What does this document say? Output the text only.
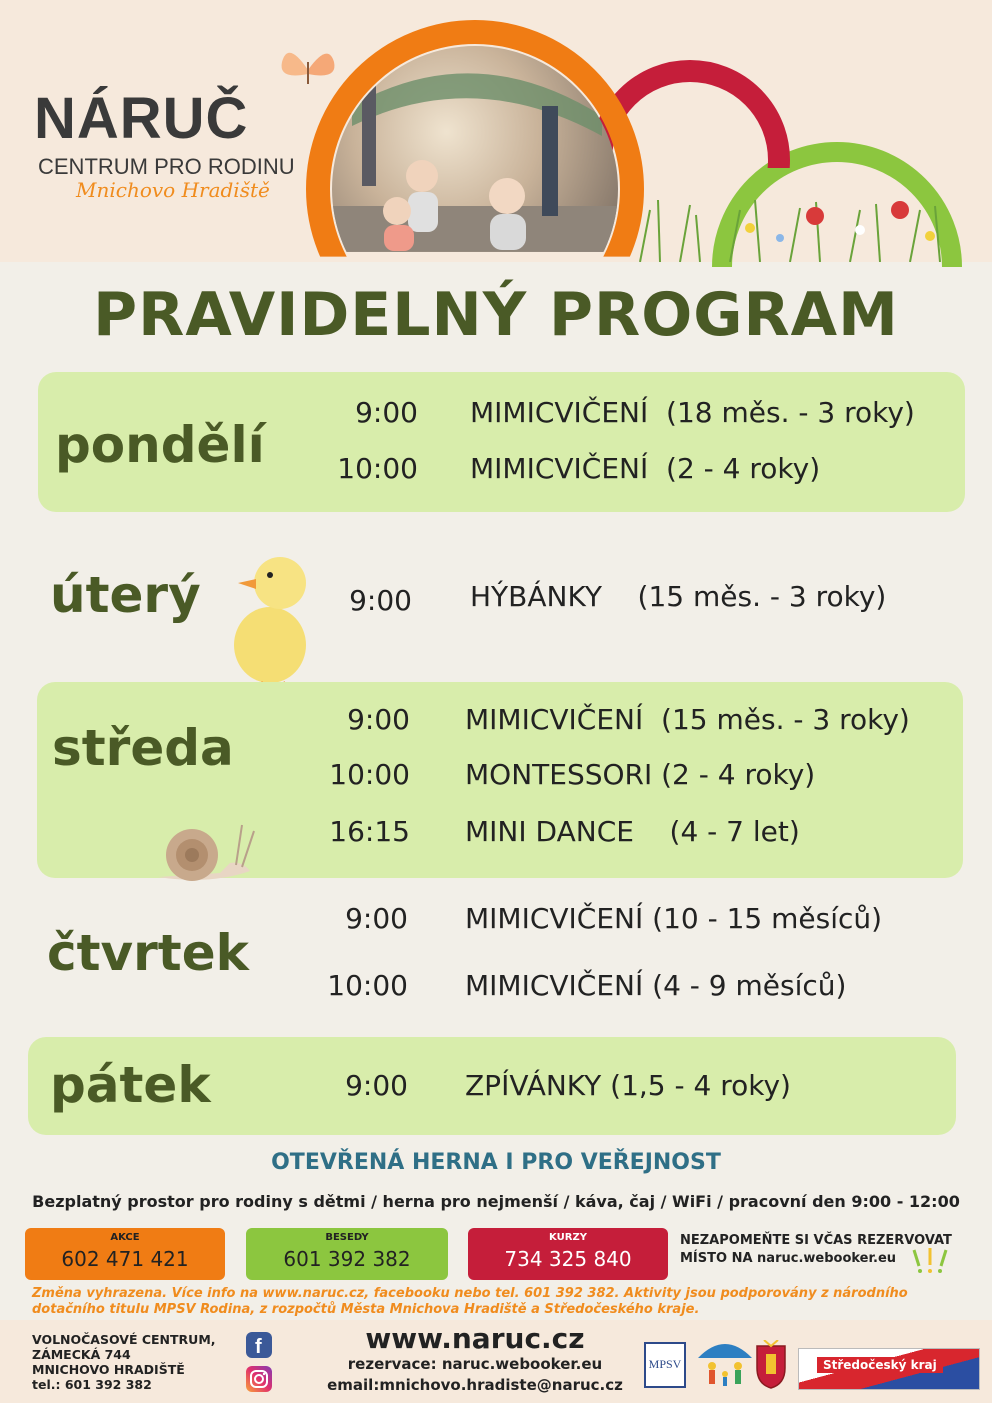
NÁRUČ
CENTRUM PRO RODINU
Mnichovo Hradiště
PRAVIDELNÝ PROGRAM
pondělí
9:00 MIMICVIČENÍ  (18 měs. - 3 roky)
10:00 MIMICVIČENÍ  (2 - 4 roky)
úterý	9:00 HÝBÁNKY    (15 měs. - 3 roky)
středa	9:00 MIMICVIČENÍ  (15 měs. - 3 roky)
10:00 MONTESSORI (2 - 4 roky)
16:15 MINI DANCE    (4 - 7 let)
čtvrtek
9:00 MIMICVIČENÍ (10 - 15 měsíců)
10:00 MIMICVIČENÍ (4 - 9 měsíců)
pátek	9:00 ZPÍVÁNKY (1,5 - 4 roky)
OTEVŘENÁ HERNA I PRO VEŘEJNOST
Bezplatný prostor pro rodiny s dětmi / herna pro nejmenší / káva, čaj / WiFi / pracovní den 9:00 - 12:00
AKCE
602 471 421
BESEDY
601 392 382
KURZY
734 325 840
NEZAPOMEŇTE SI VČAS REZERVOVAT
MÍSTO NA naruc.webooker.eu
Změna vyhrazena. Více info na www.naruc.cz, facebooku nebo tel. 601 392 382. Aktivity jsou podporovány z národního dotačního titulu MPSV Rodina, z rozpočtů Města Mnichova Hradiště a Středočeského kraje.
VOLNOČASOVÉ CENTRUM,
ZÁMECKÁ 744
MNICHOVO HRADIŠTĚ
tel.: 601 392 382
f	www.naruc.cz
rezervace: naruc.webooker.eu
email:mnichovo.hradiste@naruc.cz
MPSV	Středočeský kraj
